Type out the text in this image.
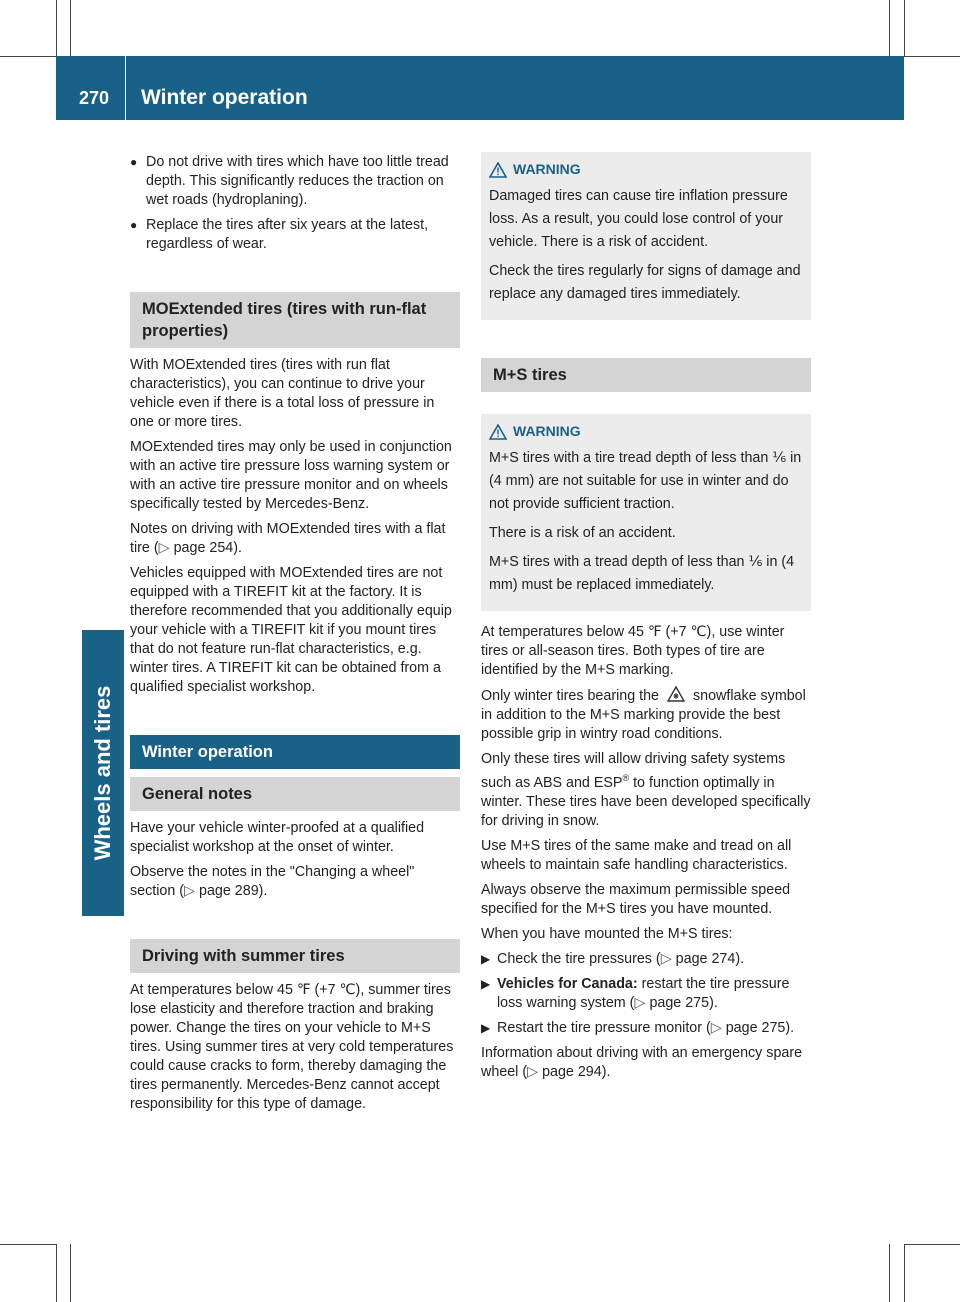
270 Winter operation
Wheels and tires
● Do not drive with tires which have too little tread depth. This significantly reduces the traction on wet roads (hydroplaning).
● Replace the tires after six years at the latest, regardless of wear.
MOExtended tires (tires with run-flat properties)

With MOExtended tires (tires with run flat characteristics), you can continue to drive your vehicle even if there is a total loss of pressure in one or more tires.

MOExtended tires may only be used in conjunction with an active tire pressure loss warning system or with an active tire pressure monitor and on wheels specifically tested by Mercedes-Benz.

Notes on driving with MOExtended tires with a flat tire (▷ page 254).

Vehicles equipped with MOExtended tires are not equipped with a TIREFIT kit at the factory. It is therefore recommended that you additionally equip your vehicle with a TIREFIT kit if you mount tires that do not feature run-flat characteristics, e.g. winter tires. A TIREFIT kit can be obtained from a qualified specialist workshop.

Winter operation
General notes

Have your vehicle winter-proofed at a qualified specialist workshop at the onset of winter.

Observe the notes in the "Changing a wheel" section (▷ page 289).

Driving with summer tires

At temperatures below 45 ℉ (+7 ℃), summer tires lose elasticity and therefore traction and braking power. Change the tires on your vehicle to M+S tires. Using summer tires at very cold temperatures could cause cracks to form, thereby damaging the tires permanently. Mercedes-Benz cannot accept responsibility for this type of damage.

WARNING

Damaged tires can cause tire inflation pressure loss. As a result, you could lose control of your vehicle. There is a risk of accident.

Check the tires regularly for signs of damage and replace any damaged tires immediately.

M+S tires
WARNING

M+S tires with a tire tread depth of less than ⅙ in (4 mm) are not suitable for use in winter and do not provide sufficient traction.

There is a risk of an accident.

M+S tires with a tread depth of less than ⅙ in (4 mm) must be replaced immediately.

At temperatures below 45 ℉ (+7 ℃), use winter tires or all-season tires. Both types of tire are identified by the M+S marking.

Only winter tires bearing the snowflake symbol in addition to the M+S marking provide the best possible grip in wintry road conditions.

Only these tires will allow driving safety systems such as ABS and ESP® to function optimally in winter. These tires have been developed specifically for driving in snow.

Use M+S tires of the same make and tread on all wheels to maintain safe handling characteristics.

Always observe the maximum permissible speed specified for the M+S tires you have mounted.

When you have mounted the M+S tires:

▶ Check the tire pressures (▷ page 274).
▶ Vehicles for Canada: restart the tire pressure loss warning system (▷ page 275).
▶ Restart the tire pressure monitor (▷ page 275).

Information about driving with an emergency spare wheel (▷ page 294).
